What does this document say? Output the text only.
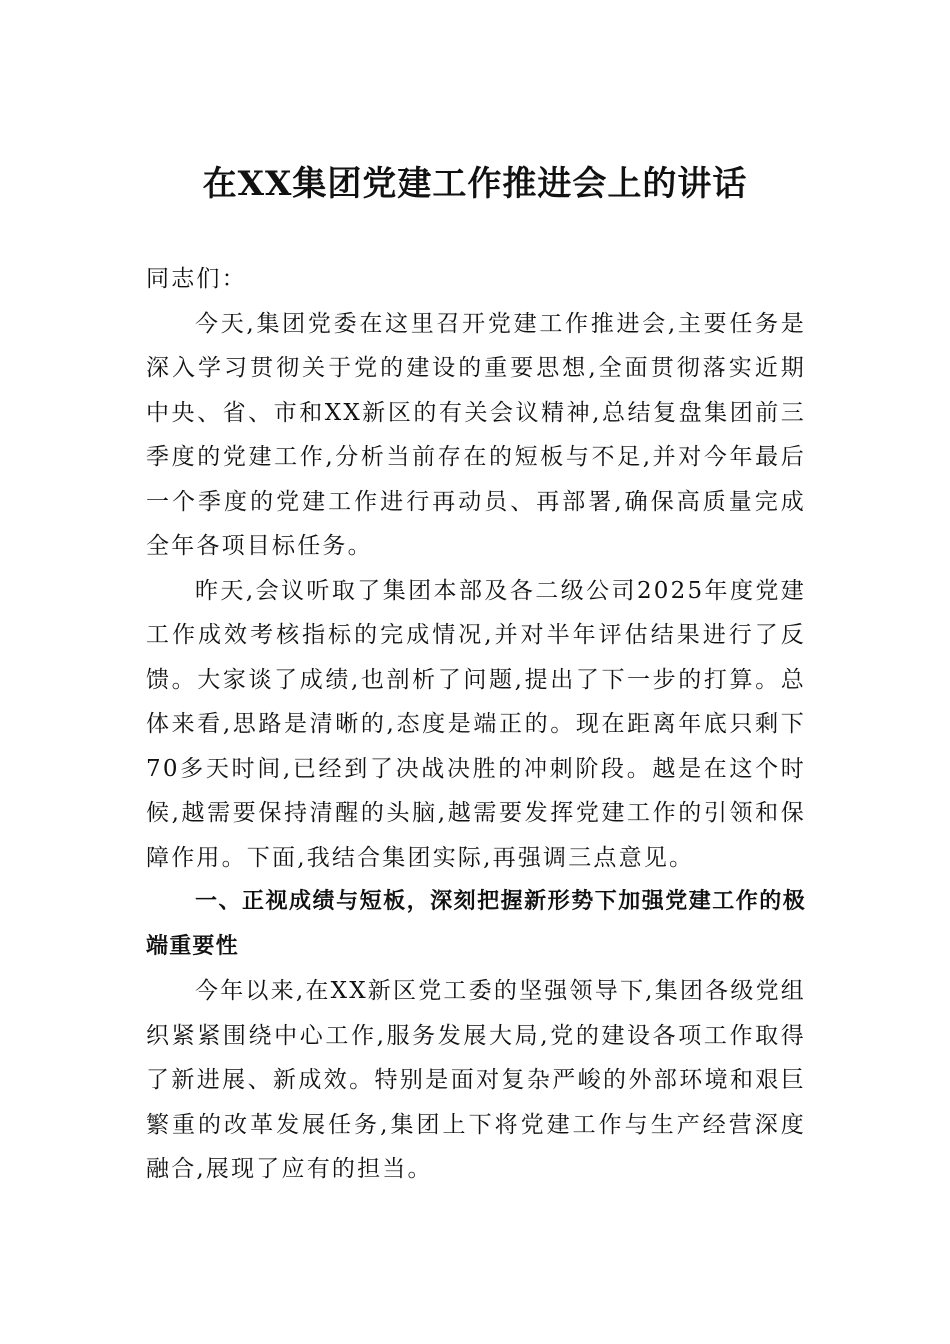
在XX集团党建工作推进会上的讲话

同志们：

今天,集团党委在这里召开党建工作推进会,主要任务是深入学习贯彻关于党的建设的重要思想,全面贯彻落实近期中央、省、市和XX新区的有关会议精神,总结复盘集团前三季度的党建工作,分析当前存在的短板与不足,并对今年最后一个季度的党建工作进行再动员、再部署,确保高质量完成全年各项目标任务。

昨天,会议听取了集团本部及各二级公司2025年度党建工作成效考核指标的完成情况,并对半年评估结果进行了反馈。大家谈了成绩,也剖析了问题,提出了下一步的打算。总体来看,思路是清晰的,态度是端正的。现在距离年底只剩下70多天时间,已经到了决战决胜的冲刺阶段。越是在这个时候,越需要保持清醒的头脑,越需要发挥党建工作的引领和保障作用。下面,我结合集团实际,再强调三点意见。

一、正视成绩与短板，深刻把握新形势下加强党建工作的极端重要性

今年以来,在XX新区党工委的坚强领导下,集团各级党组织紧紧围绕中心工作,服务发展大局,党的建设各项工作取得了新进展、新成效。特别是面对复杂严峻的外部环境和艰巨繁重的改革发展任务,集团上下将党建工作与生产经营深度融合,展现了应有的担当。
